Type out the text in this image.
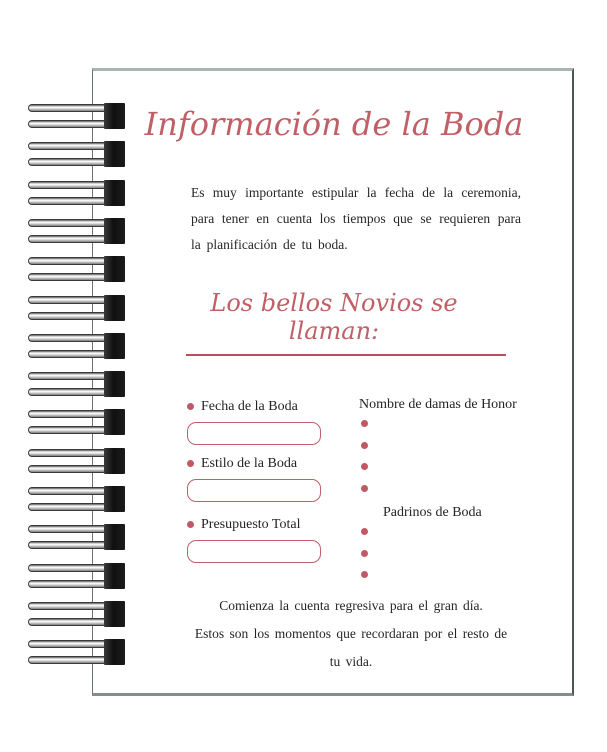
Información de la Boda

Es muy importante estipular la fecha de la ceremonia, para tener en cuenta los tiempos que se requieren para la planificación de tu boda.

Los bellos Novios se llaman:
Fecha de la Boda
Estilo de la Boda
Presupuesto Total
Nombre de damas de Honor
Padrinos de Boda
Comienza la cuenta regresiva para el gran día.
Estos son los momentos que recordaran por el resto de
tu vida.
